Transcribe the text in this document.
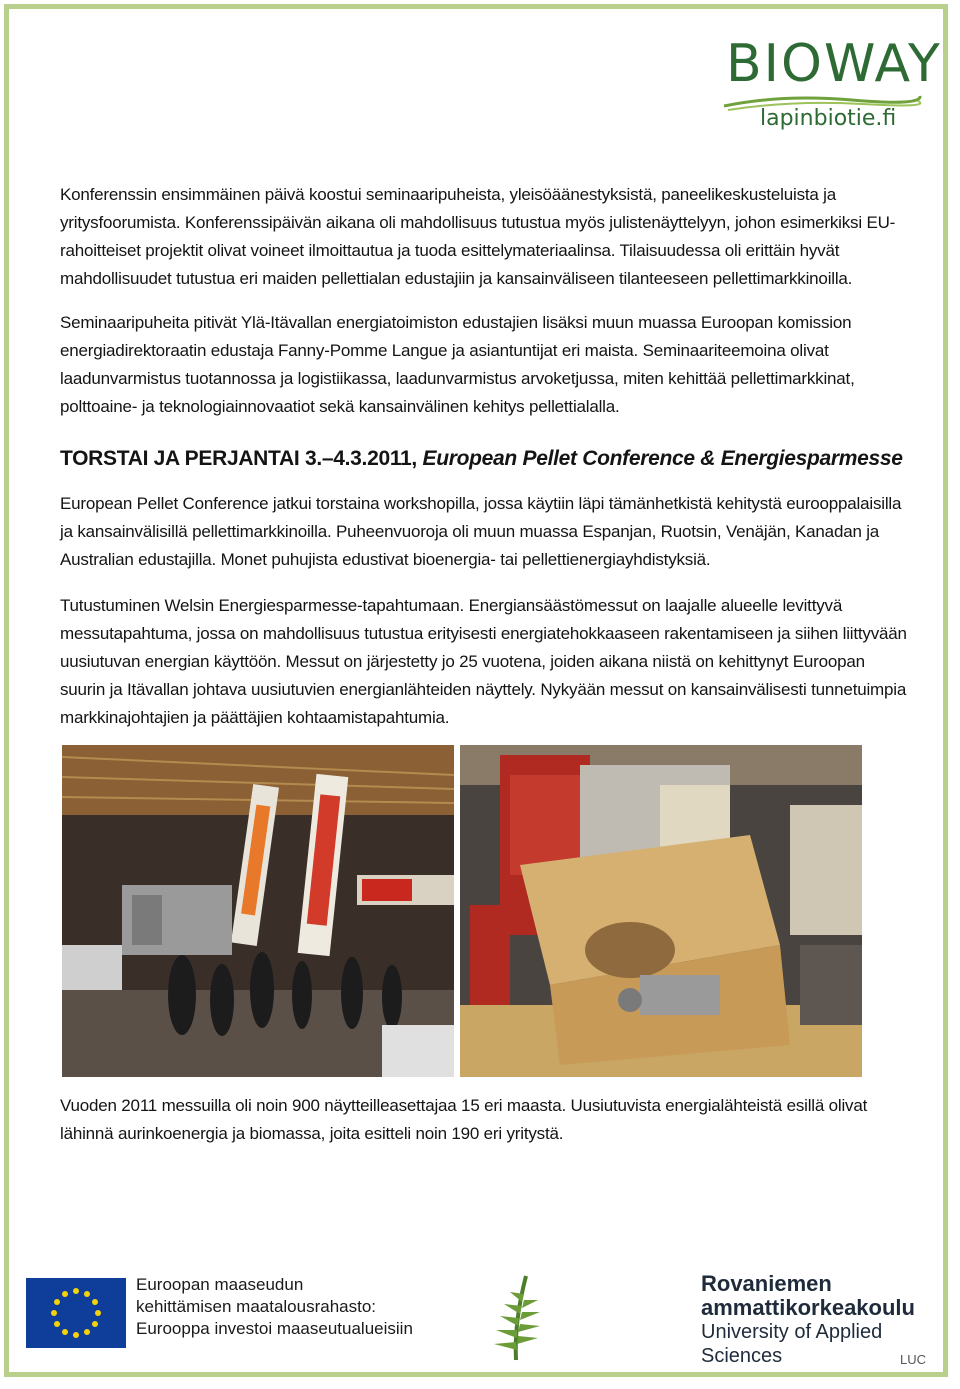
BIOWAY
lapinbiotie.fi

Konferenssin ensimmäinen päivä koostui seminaaripuheista, yleisöäänestyksistä, paneelikeskusteluista ja yritysfoorumista. Konferenssipäivän aikana oli mahdollisuus tutustua myös julistenäyttelyyn, johon esimerkiksi EU-rahoitteiset projektit olivat voineet ilmoittautua ja tuoda esittelymateriaalinsa. Tilaisuudessa oli erittäin hyvät mahdollisuudet tutustua eri maiden pellettialan edustajiin ja kansainväliseen tilanteeseen pellettimarkkinoilla.

Seminaaripuheita pitivät Ylä-Itävallan energiatoimiston edustajien lisäksi muun muassa Euroopan komission energiadirektoraatin edustaja Fanny-Pomme Langue ja asiantuntijat eri maista. Seminaariteemoina olivat laadunvarmistus tuotannossa ja logistiikassa, laadunvarmistus arvoketjussa, miten kehittää pellettimarkkinat, polttoaine- ja teknologiainnovaatiot sekä kansainvälinen kehitys pellettialalla.

TORSTAI JA PERJANTAI 3.–4.3.2011, European Pellet Conference & Energiesparmesse

European Pellet Conference jatkui torstaina workshopilla, jossa käytiin läpi tämänhetkistä kehitystä eurooppalaisilla ja kansainvälisillä pellettimarkkinoilla. Puheenvuoroja oli muun muassa Espanjan, Ruotsin, Venäjän, Kanadan ja Australian edustajilla. Monet puhujista edustivat bioenergia- tai pellettienergiayhdistyksiä.

Tutustuminen Welsin Energiesparmesse-tapahtumaan. Energiansäästömessut on laajalle alueelle levittyvä messutapahtuma, jossa on mahdollisuus tutustua erityisesti energiatehokkaaseen rakentamiseen ja siihen liittyvään uusiutuvan energian käyttöön. Messut on järjestetty jo 25 vuotena, joiden aikana niistä on kehittynyt Euroopan suurin ja Itävallan johtava uusiutuvien energianlähteiden näyttely. Nykyään messut on kansainvälisesti tunnetuimpia markkinajohtajien ja päättäjien kohtaamistapahtumia.

Vuoden 2011 messuilla oli noin 900 näytteilleasettajaa 15 eri maasta. Uusiutuvista energialähteistä esillä olivat lähinnä aurinkoenergia ja biomassa, joita esitteli noin 190 eri yritystä.

Euroopan maaseudun
kehittämisen maatalousrahasto:
Eurooppa investoi maaseutualueisiin
Rovaniemen
ammattikorkeakoulu
University of Applied Sciences	LUC
